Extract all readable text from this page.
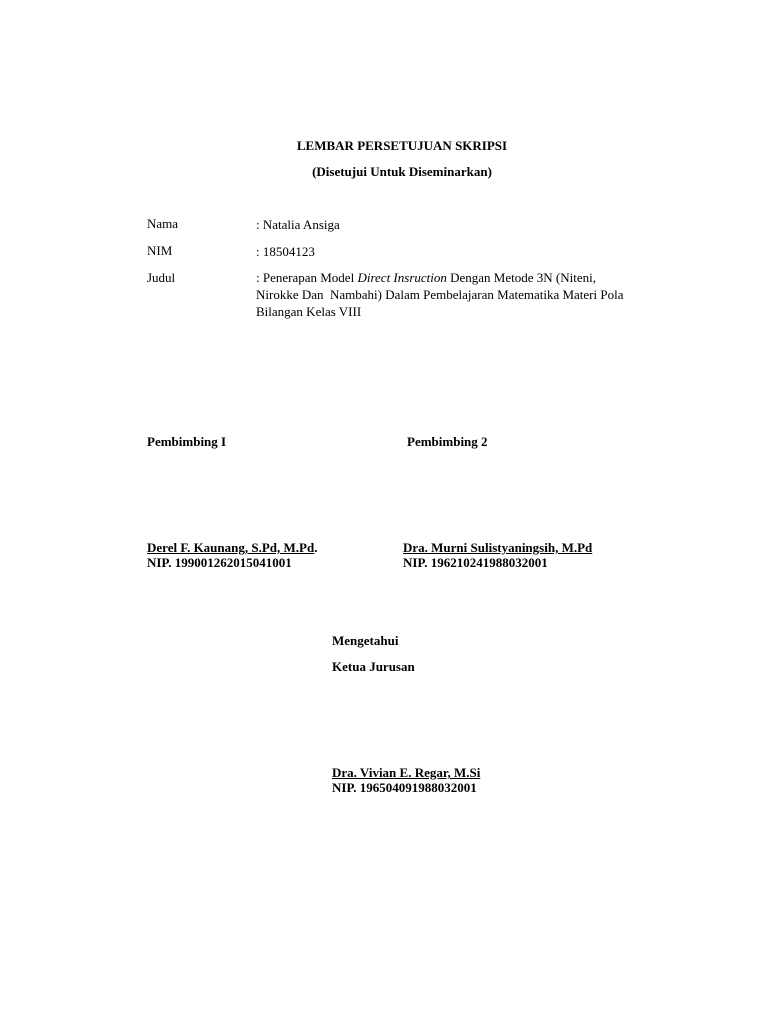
LEMBAR PERSETUJUAN SKRIPSI
(Disetujui Untuk Diseminarkan)
Nama	: Natalia Ansiga
NIM	: 18504123
Judul	: Penerapan Model Direct Insruction Dengan Metode 3N (Niteni,
Nirokke Dan  Nambahi) Dalam Pembelajaran Matematika Materi Pola
Bilangan Kelas VIII
Pembimbing I	Pembimbing 2
Derel F. Kaunang, S.Pd, M.Pd.
NIP. 199001262015041001
Dra. Murni Sulistyaningsih, M.Pd
NIP. 196210241988032001
Mengetahui
Ketua Jurusan
Dra. Vivian E. Regar, M.Si
NIP. 196504091988032001
